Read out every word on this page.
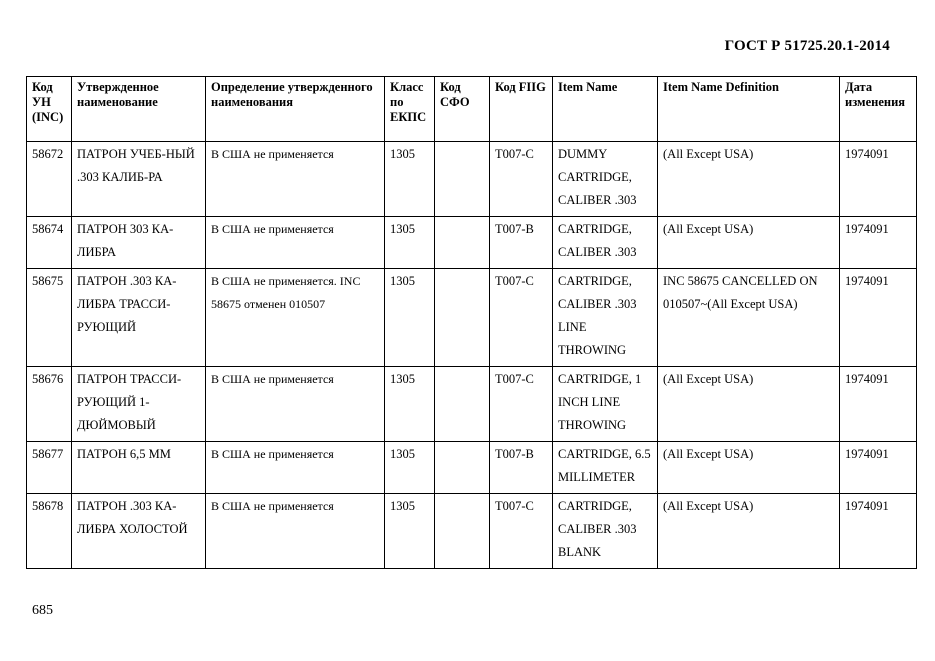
ГОСТ Р 51725.20.1-2014
Код УН (INC)	Утвержденное наименование	Определение утвержденного наименования	Класс по ЕКПС	Код СФО	Код FIIG	Item Name	Item Name Definition	Дата изменения
58672	ПАТРОН УЧЕБ-НЫЙ .303 КАЛИБ-РА	В США не применяется	1305		T007-C	DUMMY CARTRIDGE, CALIBER .303	(All Except USA)	1974091
58674	ПАТРОН 303 КА-ЛИБРА	В США не применяется	1305		T007-B	CARTRIDGE, CALIBER .303	(All Except USA)	1974091
58675	ПАТРОН .303 КА-ЛИБРА ТРАССИ-РУЮЩИЙ	В США не применяется. INC 58675 отменен 010507	1305		T007-C	CARTRIDGE, CALIBER .303 LINE THROWING	INC 58675 CANCELLED ON 010507~(All Except USA)	1974091
58676	ПАТРОН ТРАССИ-РУЮЩИЙ 1-ДЮЙМОВЫЙ	В США не применяется	1305		T007-C	CARTRIDGE, 1 INCH LINE THROWING	(All Except USA)	1974091
58677	ПАТРОН 6,5 ММ	В США не применяется	1305		T007-B	CARTRIDGE, 6.5 MILLIMETER	(All Except USA)	1974091
58678	ПАТРОН .303 КА-ЛИБРА ХОЛОСТОЙ	В США не применяется	1305		T007-C	CARTRIDGE, CALIBER .303 BLANK	(All Except USA)	1974091
685
